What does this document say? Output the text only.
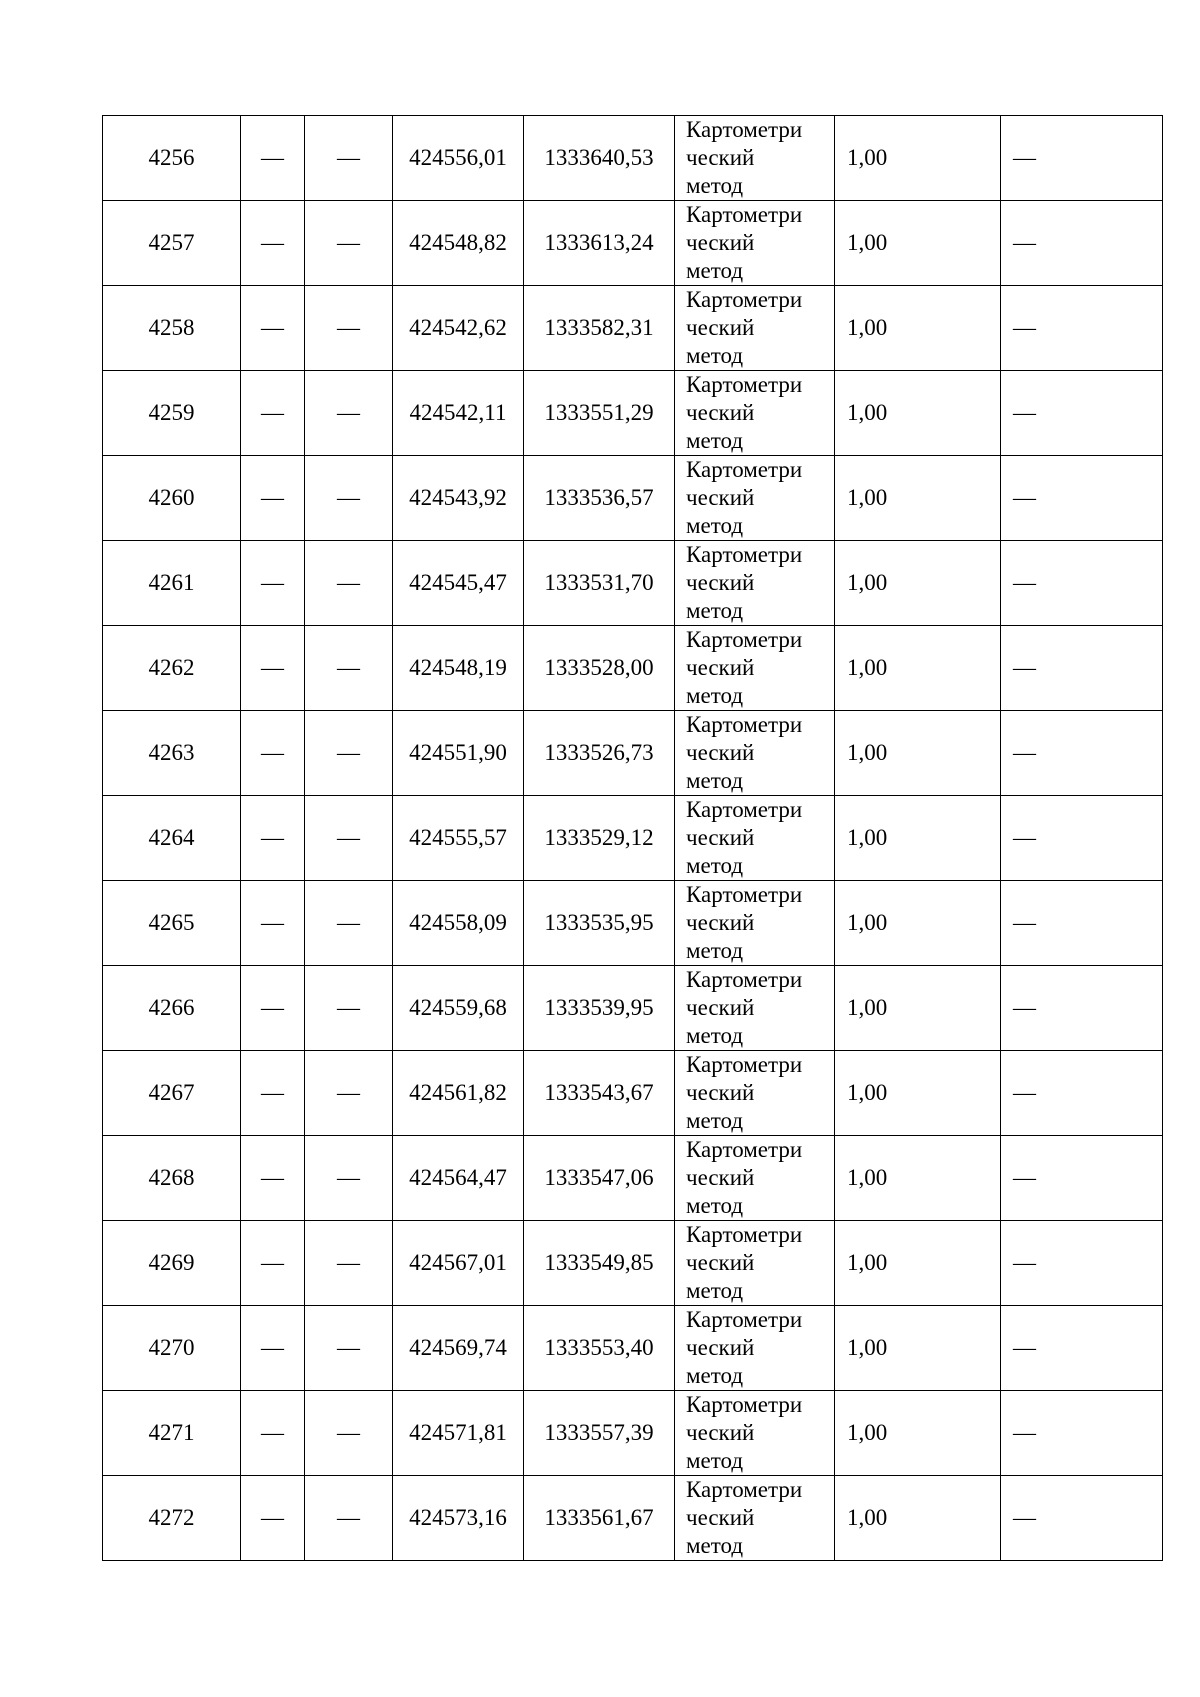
4256	—	—	424556,01	1333640,53	Картометри
ческий
метод	1,00	—
4257	—	—	424548,82	1333613,24	Картометри
ческий
метод	1,00	—
4258	—	—	424542,62	1333582,31	Картометри
ческий
метод	1,00	—
4259	—	—	424542,11	1333551,29	Картометри
ческий
метод	1,00	—
4260	—	—	424543,92	1333536,57	Картометри
ческий
метод	1,00	—
4261	—	—	424545,47	1333531,70	Картометри
ческий
метод	1,00	—
4262	—	—	424548,19	1333528,00	Картометри
ческий
метод	1,00	—
4263	—	—	424551,90	1333526,73	Картометри
ческий
метод	1,00	—
4264	—	—	424555,57	1333529,12	Картометри
ческий
метод	1,00	—
4265	—	—	424558,09	1333535,95	Картометри
ческий
метод	1,00	—
4266	—	—	424559,68	1333539,95	Картометри
ческий
метод	1,00	—
4267	—	—	424561,82	1333543,67	Картометри
ческий
метод	1,00	—
4268	—	—	424564,47	1333547,06	Картометри
ческий
метод	1,00	—
4269	—	—	424567,01	1333549,85	Картометри
ческий
метод	1,00	—
4270	—	—	424569,74	1333553,40	Картометри
ческий
метод	1,00	—
4271	—	—	424571,81	1333557,39	Картометри
ческий
метод	1,00	—
4272	—	—	424573,16	1333561,67	Картометри
ческий
метод	1,00	—
